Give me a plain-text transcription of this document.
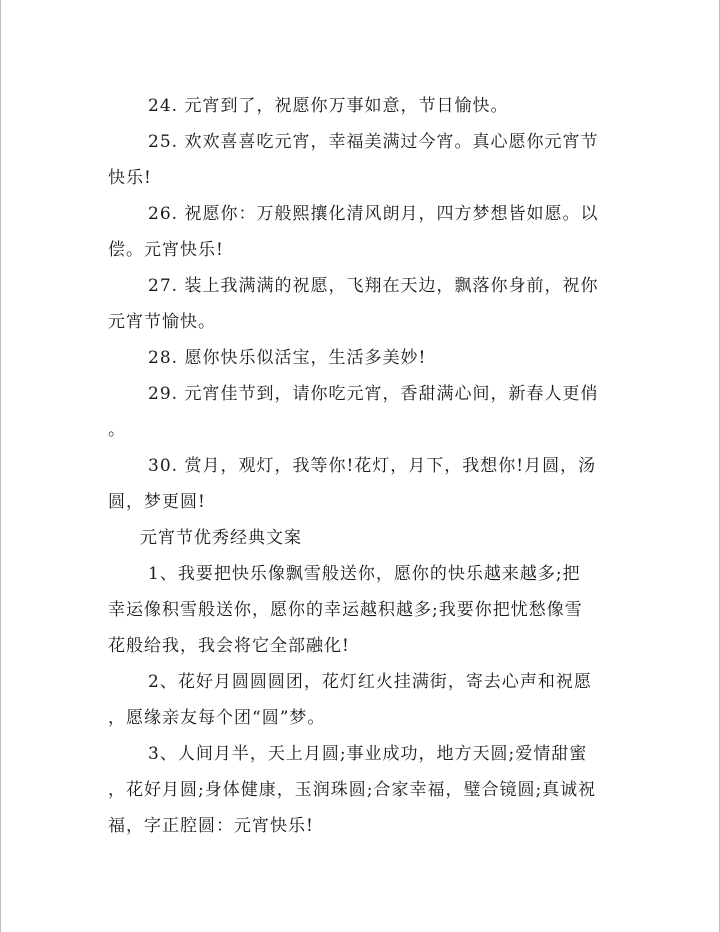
24. 元宵到了，祝愿你万事如意，节日愉快。

25. 欢欢喜喜吃元宵，幸福美满过今宵。真心愿你元宵节
快乐!

26. 祝愿你：万般熙攘化清风朗月，四方梦想皆如愿。以
偿。元宵快乐!

27. 装上我满满的祝愿，飞翔在天边，飘落你身前，祝你
元宵节愉快。

28. 愿你快乐似活宝，生活多美妙!

29. 元宵佳节到，请你吃元宵，香甜满心间，新春人更俏
。

30. 赏月，观灯，我等你!花灯，月下，我想你!月圆，汤
圆，梦更圆!

元宵节优秀经典文案

1、我要把快乐像飘雪般送你，愿你的快乐越来越多;把
幸运像积雪般送你，愿你的幸运越积越多;我要你把忧愁像雪
花般给我，我会将它全部融化!

2、花好月圆圆圆团，花灯红火挂满街，寄去心声和祝愿
，愿缘亲友每个团“圆”梦。

3、人间月半，天上月圆;事业成功，地方天圆;爱情甜蜜
，花好月圆;身体健康，玉润珠圆;合家幸福，璧合镜圆;真诚祝
福，字正腔圆：元宵快乐!
